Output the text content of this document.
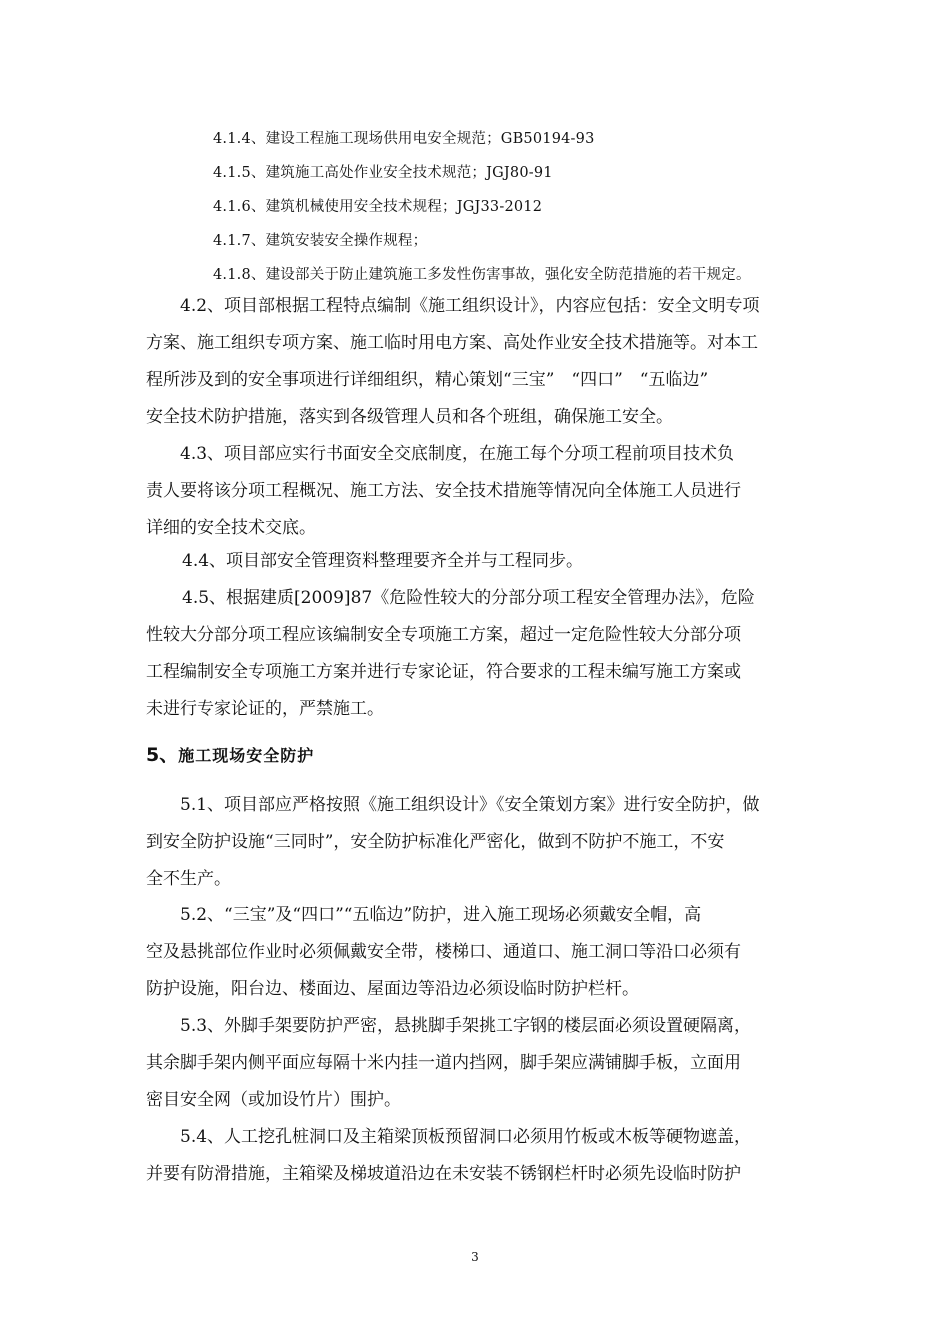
4.1.4、建设工程施工现场供用电安全规范；GB50194-93
4.1.5、建筑施工高处作业安全技术规范；JGJ80-91
4.1.6、建筑机械使用安全技术规程；JGJ33-2012
4.1.7、建筑安装安全操作规程；
4.1.8、建设部关于防止建筑施工多发性伤害事故，强化安全防范措施的若干规定。
4.2、项目部根据工程特点编制《施工组织设计》，内容应包括：安全文明专项
方案、施工组织专项方案、施工临时用电方案、高处作业安全技术措施等。对本工
程所涉及到的安全事项进行详细组织，精心策划“三宝”　“四口”　“五临边”
安全技术防护措施，落实到各级管理人员和各个班组，确保施工安全。
4.3、项目部应实行书面安全交底制度，在施工每个分项工程前项目技术负
责人要将该分项工程概况、施工方法、安全技术措施等情况向全体施工人员进行
详细的安全技术交底。
4.4、项目部安全管理资料整理要齐全并与工程同步。
4.5、根据建质[2009]87《危险性较大的分部分项工程安全管理办法》，危险
性较大分部分项工程应该编制安全专项施工方案，超过一定危险性较大分部分项
工程编制安全专项施工方案并进行专家论证，符合要求的工程未编写施工方案或
未进行专家论证的，严禁施工。
5、施工现场安全防护
5.1、项目部应严格按照《施工组织设计》《安全策划方案》进行安全防护，做
到安全防护设施“三同时”，安全防护标准化严密化，做到不防护不施工，不安
全不生产。
5.2、“三宝”及“四口”“五临边”防护，进入施工现场必须戴安全帽，高
空及悬挑部位作业时必须佩戴安全带，楼梯口、通道口、施工洞口等沿口必须有
防护设施，阳台边、楼面边、屋面边等沿边必须设临时防护栏杆。
5.3、外脚手架要防护严密，悬挑脚手架挑工字钢的楼层面必须设置硬隔离，
其余脚手架内侧平面应每隔十米内挂一道内挡网，脚手架应满铺脚手板，立面用
密目安全网（或加设竹片）围护。
5.4、人工挖孔桩洞口及主箱梁顶板预留洞口必须用竹板或木板等硬物遮盖，
并要有防滑措施，主箱梁及梯坡道沿边在未安装不锈钢栏杆时必须先设临时防护
3
